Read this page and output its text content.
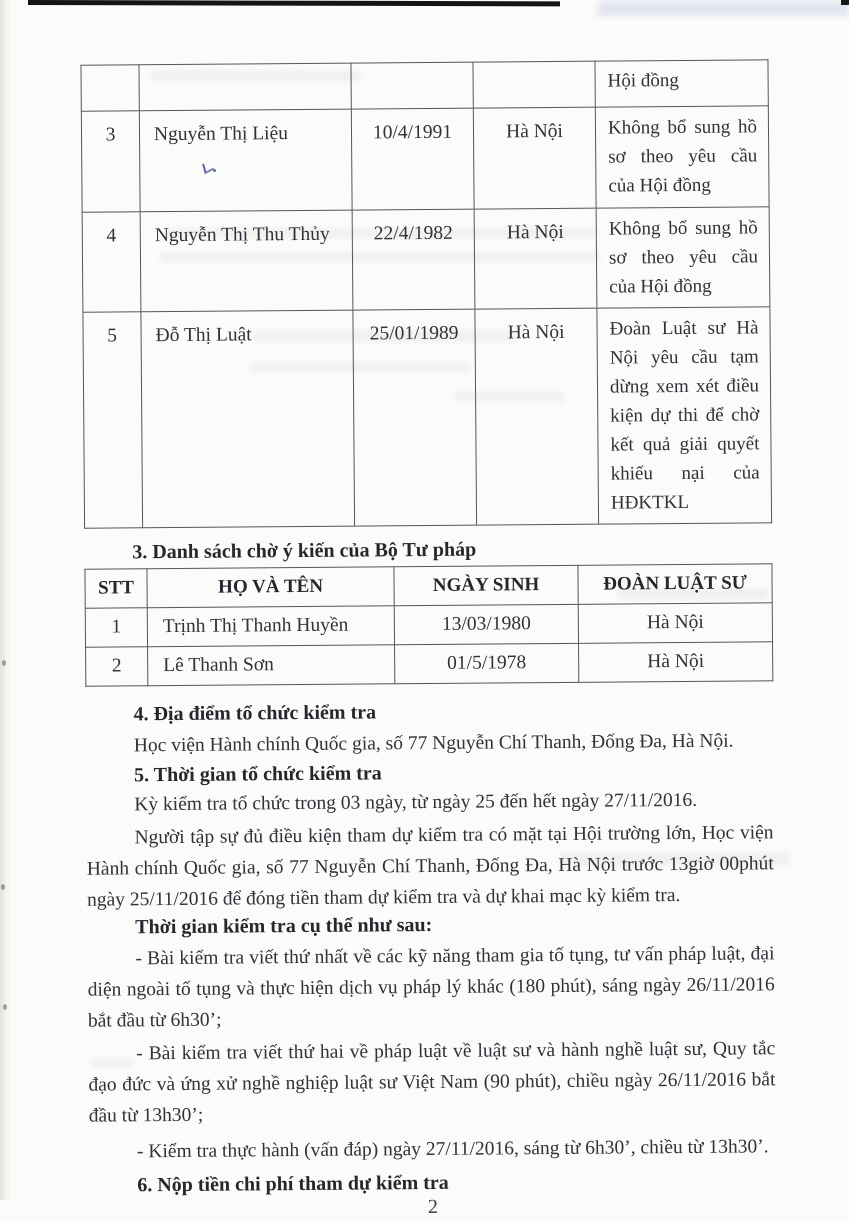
				Hội đồng
3	Nguyễn Thị Liệu	10/4/1991	Hà Nội	Không bổ sung hồ sơ theo yêu cầu của Hội đồng
4	Nguyễn Thị Thu Thủy	22/4/1982	Hà Nội	Không bổ sung hồ sơ theo yêu cầu của Hội đồng
5	Đỗ Thị Luật	25/01/1989	Hà Nội	Đoàn Luật sư Hà Nội yêu cầu tạm dừng xem xét điều kiện dự thi để chờ kết quả giải quyết khiếu nại của HĐKTKL

3. Danh sách chờ ý kiến của Bộ Tư pháp

STT	HỌ VÀ TÊN	NGÀY SINH	ĐOÀN LUẬT SƯ
1	Trịnh Thị Thanh Huyền	13/03/1980	Hà Nội
2	Lê Thanh Sơn	01/5/1978	Hà Nội

4. Địa điểm tổ chức kiểm tra

Học viện Hành chính Quốc gia, số 77 Nguyễn Chí Thanh, Đống Đa, Hà Nội.

5. Thời gian tổ chức kiểm tra

Kỳ kiểm tra tổ chức trong 03 ngày, từ ngày 25 đến hết ngày 27/11/2016.

Người tập sự đủ điều kiện tham dự kiểm tra có mặt tại Hội trường lớn, Học viện Hành chính Quốc gia, số 77 Nguyễn Chí Thanh, Đống Đa, Hà Nội trước 13giờ 00phút ngày 25/11/2016 để đóng tiền tham dự kiểm tra và dự khai mạc kỳ kiểm tra.

Thời gian kiểm tra cụ thể như sau:

- Bài kiểm tra viết thứ nhất về các kỹ năng tham gia tố tụng, tư vấn pháp luật, đại diện ngoài tố tụng và thực hiện dịch vụ pháp lý khác (180 phút), sáng ngày 26/11/2016 bắt đầu từ 6h30’;

- Bài kiểm tra viết thứ hai về pháp luật về luật sư và hành nghề luật sư, Quy tắc đạo đức và ứng xử nghề nghiệp luật sư Việt Nam (90 phút), chiều ngày 26/11/2016 bắt đầu từ 13h30’;

- Kiểm tra thực hành (vấn đáp) ngày 27/11/2016, sáng từ 6h30’, chiều từ 13h30’.

6. Nộp tiền chi phí tham dự kiểm tra

2
